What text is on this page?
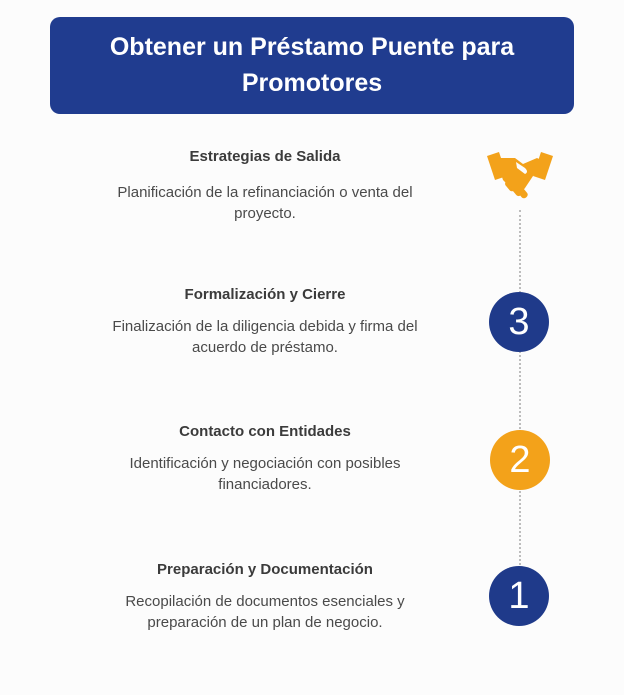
Obtener un Préstamo Puente para Promotores

Estrategias de Salida

Planificación de la refinanciación o venta del proyecto.

Formalización y Cierre

Finalización de la diligencia debida y firma del acuerdo de préstamo.

3

Contacto con Entidades

Identificación y negociación con posibles financiadores.

2

Preparación y Documentación

Recopilación de documentos esenciales y preparación de un plan de negocio.

1
